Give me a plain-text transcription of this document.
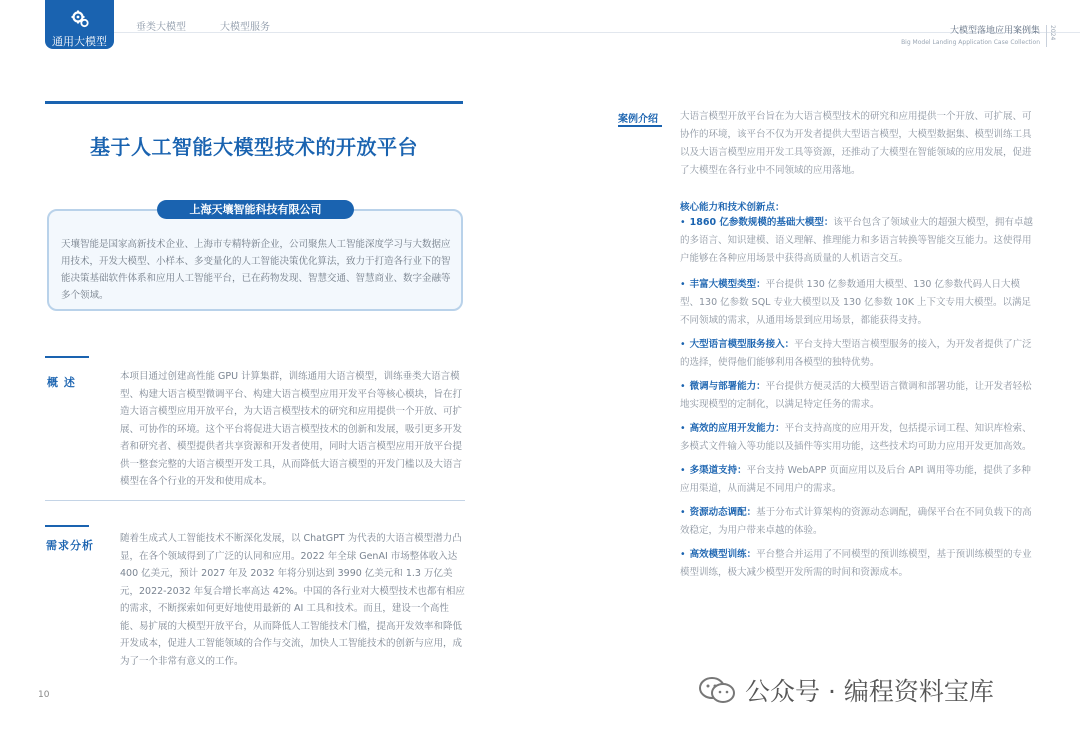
通用大模型
垂类大模型	大模型服务	大模型落地应用案例集
Big Model Landing Application Case Collection
2024
基于人工智能大模型技术的开放平台
上海天壤智能科技有限公司
天壤智能是国家高新技术企业、上海市专精特新企业，公司聚焦人工智能深度学习与大数据应用技术，开发大模型、小样本、多变量化的人工智能决策优化算法，致力于打造各行业下的智能决策基础软件体系和应用人工智能平台，已在药物发现、智慧交通、智慧商业、数字金融等多个领域。
概 述	本项目通过创建高性能 GPU 计算集群，训练通用大语言模型，训练垂类大语言模型、构建大语言模型微调平台、构建大语言模型应用开发平台等核心模块，旨在打造大语言模型应用开放平台，为大语言模型技术的研究和应用提供一个开放、可扩展、可协作的环境。这个平台将促进大语言模型技术的创新和发展，吸引更多开发者和研究者、模型提供者共享资源和开发者使用，同时大语言模型应用开放平台提供一整套完整的大语言模型开发工具，从而降低大语言模型的开发门槛以及大语言模型在各个行业的开发和使用成本。
需求分析
随着生成式人工智能技术不断深化发展，以 ChatGPT 为代表的大语言模型潜力凸显，在各个领域得到了广泛的认同和应用。2022 年全球 GenAI 市场整体收入达 400 亿美元，预计 2027 年及 2032 年将分别达到 3990 亿美元和 1.3 万亿美元，2022-2032 年复合增长率高达 42%。中国的各行业对大模型技术也都有相应的需求，不断探索如何更好地使用最新的 AI 工具和技术。而且，建设一个高性能、易扩展的大模型开放平台，从而降低人工智能技术门槛，提高开发效率和降低开发成本，促进人工智能领域的合作与交流，加快人工智能技术的创新与应用，成为了一个非常有意义的工作。
10
案例介绍 大语言模型开放平台旨在为大语言模型技术的研究和应用提供一个开放、可扩展、可协作的环境，该平台不仅为开发者提供大型语言模型，大模型数据集、模型训练工具以及大语言模型应用开发工具等资源，还推动了大模型在智能领域的应用发展，促进了大模型在各行业中不同领域的应用落地。
核心能力和技术创新点：
• 1860 亿参数规模的基础大模型：该平台包含了领域业大的超强大模型，拥有卓越的多语言、知识建模、语义理解、推理能力和多语言转换等智能交互能力。这使得用户能够在各种应用场景中获得高质量的人机语言交互。
• 丰富大模型类型：平台提供 130 亿参数通用大模型、130 亿参数代码人日大模型、130 亿参数 SQL 专业大模型以及 130 亿参数 10K 上下文专用大模型。以满足不同领域的需求，从通用场景到应用场景，都能获得支持。
• 大型语言模型服务接入：平台支持大型语言模型服务的接入，为开发者提供了广泛的选择，使得他们能够利用各模型的独特优势。
• 微调与部署能力：平台提供方便灵活的大模型语言微调和部署功能，让开发者轻松地实现模型的定制化，以满足特定任务的需求。
• 高效的应用开发能力：平台支持高度的应用开发，包括提示词工程、知识库检索、多模式文件输入等功能以及插件等实用功能，这些技术均可助力应用开发更加高效。
• 多渠道支持：平台支持 WebAPP 页面应用以及后台 API 调用等功能，提供了多种应用渠道，从而满足不同用户的需求。
• 资源动态调配：基于分布式计算架构的资源动态调配，确保平台在不同负载下的高效稳定，为用户带来卓越的体验。
• 高效模型训练：平台整合并运用了不同模型的预训练模型，基于预训练模型的专业模型训练，极大减少模型开发所需的时间和资源成本。
公众号 · 编程资料宝库
